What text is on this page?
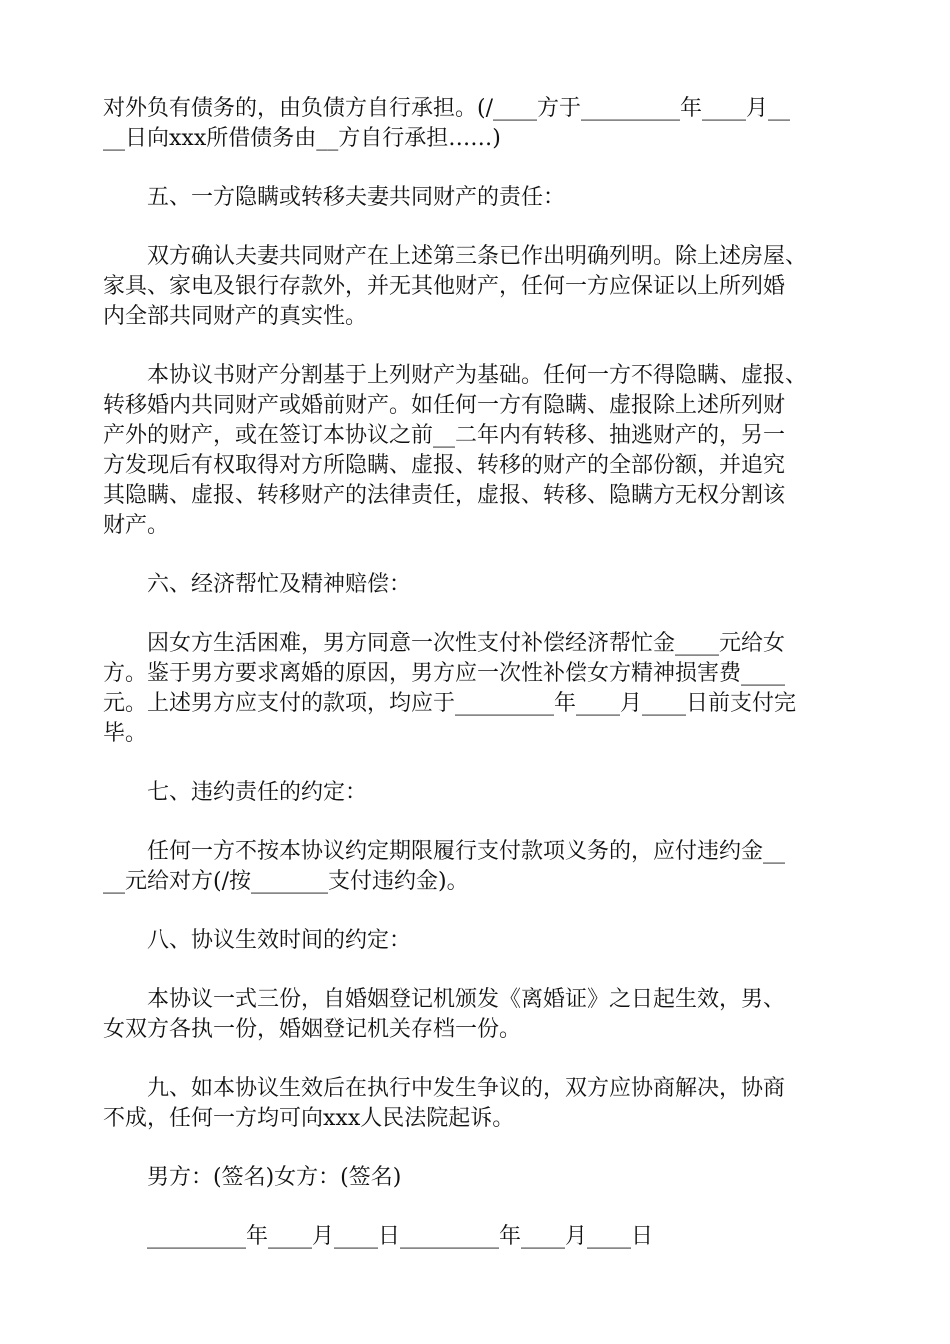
对外负有债务的，由负债方自行承担。(/____方于_________年____月__
__日向xxx所借债务由__方自行承担……)
五、一方隐瞒或转移夫妻共同财产的责任：
双方确认夫妻共同财产在上述第三条已作出明确列明。除上述房屋、
家具、家电及银行存款外，并无其他财产，任何一方应保证以上所列婚
内全部共同财产的真实性。
本协议书财产分割基于上列财产为基础。任何一方不得隐瞒、虚报、
转移婚内共同财产或婚前财产。如任何一方有隐瞒、虚报除上述所列财
产外的财产，或在签订本协议之前__二年内有转移、抽逃财产的，另一
方发现后有权取得对方所隐瞒、虚报、转移的财产的全部份额，并追究
其隐瞒、虚报、转移财产的法律责任，虚报、转移、隐瞒方无权分割该
财产。
六、经济帮忙及精神赔偿：
因女方生活困难，男方同意一次性支付补偿经济帮忙金____元给女
方。鉴于男方要求离婚的原因，男方应一次性补偿女方精神损害费____
元。上述男方应支付的款项，均应于_________年____月____日前支付完
毕。
七、违约责任的约定：
任何一方不按本协议约定期限履行支付款项义务的，应付违约金__
__元给对方(/按_______支付违约金)。
八、协议生效时间的约定：
本协议一式三份，自婚姻登记机颁发《离婚证》之日起生效，男、
女双方各执一份，婚姻登记机关存档一份。
九、如本协议生效后在执行中发生争议的，双方应协商解决，协商
不成，任何一方均可向xxx人民法院起诉。
男方：(签名)女方：(签名)
_________年____月____日_________年____月____日
